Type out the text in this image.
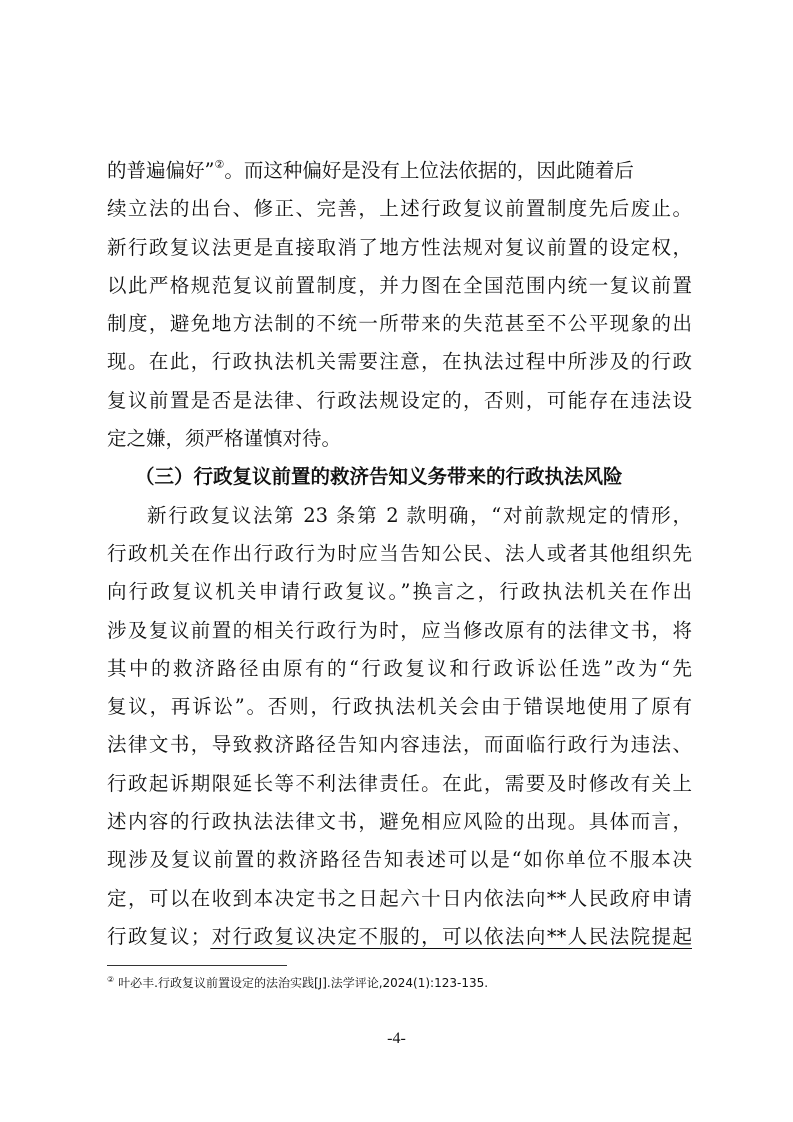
的普遍偏好”②。而这种偏好是没有上位法依据的，因此随着后
续立法的出台、修正、完善，上述行政复议前置制度先后废止。
新行政复议法更是直接取消了地方性法规对复议前置的设定权，
以此严格规范复议前置制度，并力图在全国范围内统一复议前置
制度，避免地方法制的不统一所带来的失范甚至不公平现象的出
现。在此，行政执法机关需要注意，在执法过程中所涉及的行政
复议前置是否是法律、行政法规设定的，否则，可能存在违法设
定之嫌，须严格谨慎对待。
（三）行政复议前置的救济告知义务带来的行政执法风险
新行政复议法第 23 条第 2 款明确，“对前款规定的情形，
行政机关在作出行政行为时应当告知公民、法人或者其他组织先
向行政复议机关申请行政复议。”换言之，行政执法机关在作出
涉及复议前置的相关行政行为时，应当修改原有的法律文书，将
其中的救济路径由原有的“行政复议和行政诉讼任选”改为“先
复议，再诉讼”。否则，行政执法机关会由于错误地使用了原有
法律文书，导致救济路径告知内容违法，而面临行政行为违法、
行政起诉期限延长等不利法律责任。在此，需要及时修改有关上
述内容的行政执法法律文书，避免相应风险的出现。具体而言，
现涉及复议前置的救济路径告知表述可以是“如你单位不服本决
定，可以在收到本决定书之日起六十日内依法向**人民政府申请
行政复议；对行政复议决定不服的，可以依法向**人民法院提起
② 叶必丰.行政复议前置设定的法治实践[J].法学评论,2024(1):123-135.
-4-
